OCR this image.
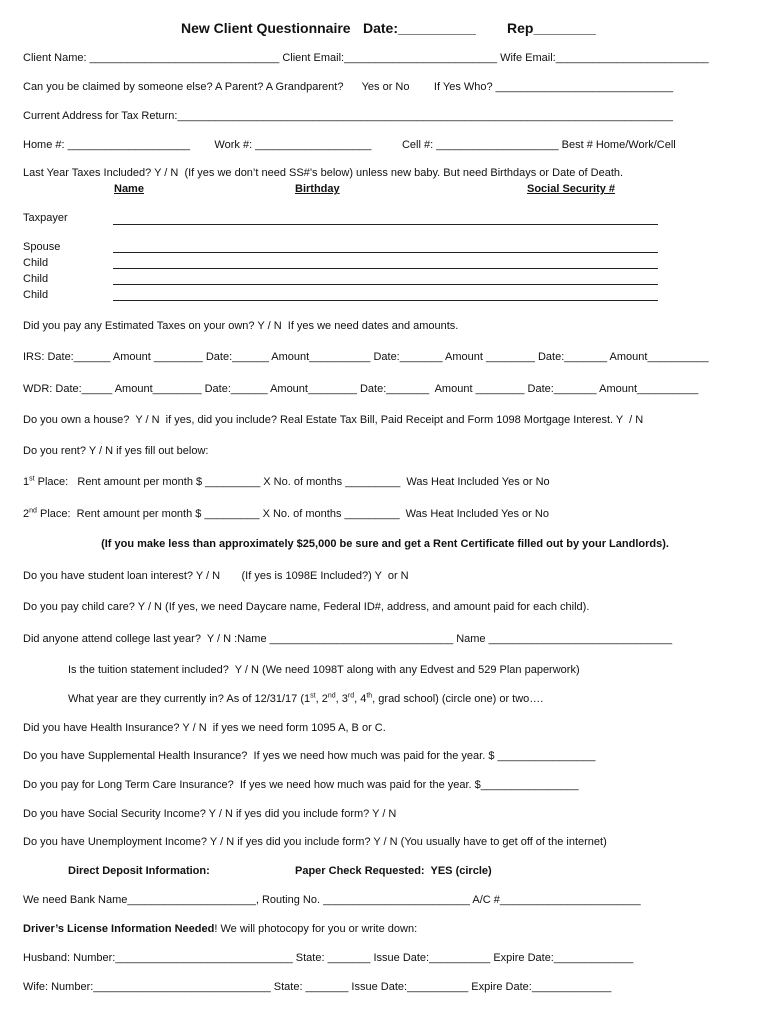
New Client Questionnaire Date:__________ Rep________
Client Name: _______________________________ Client Email:_________________________ Wife Email:_________________________
Can you be claimed by someone else? A Parent? A Grandparent?      Yes or No        If Yes Who? _____________________________
Current Address for Tax Return:_________________________________________________________________________________
Home #: ____________________        Work #: ___________________          Cell #: ____________________ Best # Home/Work/Cell
Last Year Taxes Included? Y / N  (If yes we don’t need SS#’s below) unless new baby. But need Birthdays or Date of Death.
Name	Birthday	Social Security #
Taxpayer
Spouse
Child
Child
Child
Did you pay any Estimated Taxes on your own? Y / N  If yes we need dates and amounts.
IRS: Date:______ Amount ________ Date:______ Amount__________ Date:_______ Amount ________ Date:_______ Amount__________
WDR: Date:_____ Amount________ Date:______ Amount________ Date:_______  Amount ________ Date:_______ Amount__________
Do you own a house?  Y / N  if yes, did you include? Real Estate Tax Bill, Paid Receipt and Form 1098 Mortgage Interest. Y  / N
Do you rent? Y / N if yes fill out below:
1st Place:   Rent amount per month $ _________ X No. of months _________  Was Heat Included Yes or No
2nd Place:  Rent amount per month $ _________ X No. of months _________  Was Heat Included Yes or No
(If you make less than approximately $25,000 be sure and get a Rent Certificate filled out by your Landlords).
Do you have student loan interest? Y / N       (If yes is 1098E Included?) Y  or N
Do you pay child care? Y / N (If yes, we need Daycare name, Federal ID#, address, and amount paid for each child).
Did anyone attend college last year?  Y / N :Name ______________________________ Name ______________________________
Is the tuition statement included?  Y / N (We need 1098T along with any Edvest and 529 Plan paperwork)
What year are they currently in? As of 12/31/17 (1st, 2nd, 3rd, 4th, grad school) (circle one) or two….
Did you have Health Insurance? Y / N  if yes we need form 1095 A, B or C.
Do you have Supplemental Health Insurance?  If yes we need how much was paid for the year. $ ________________
Do you pay for Long Term Care Insurance?  If yes we need how much was paid for the year. $________________
Do you have Social Security Income? Y / N if yes did you include form? Y / N
Do you have Unemployment Income? Y / N if yes did you include form? Y / N (You usually have to get off of the internet)
Direct Deposit Information:	Paper Check Requested:  YES (circle)
We need Bank Name_____________________, Routing No. ________________________ A/C #_______________________
Driver’s License Information Needed! We will photocopy for you or write down:
Husband: Number:_____________________________ State: _______ Issue Date:__________ Expire Date:_____________
Wife: Number:_____________________________ State: _______ Issue Date:__________ Expire Date:_____________
